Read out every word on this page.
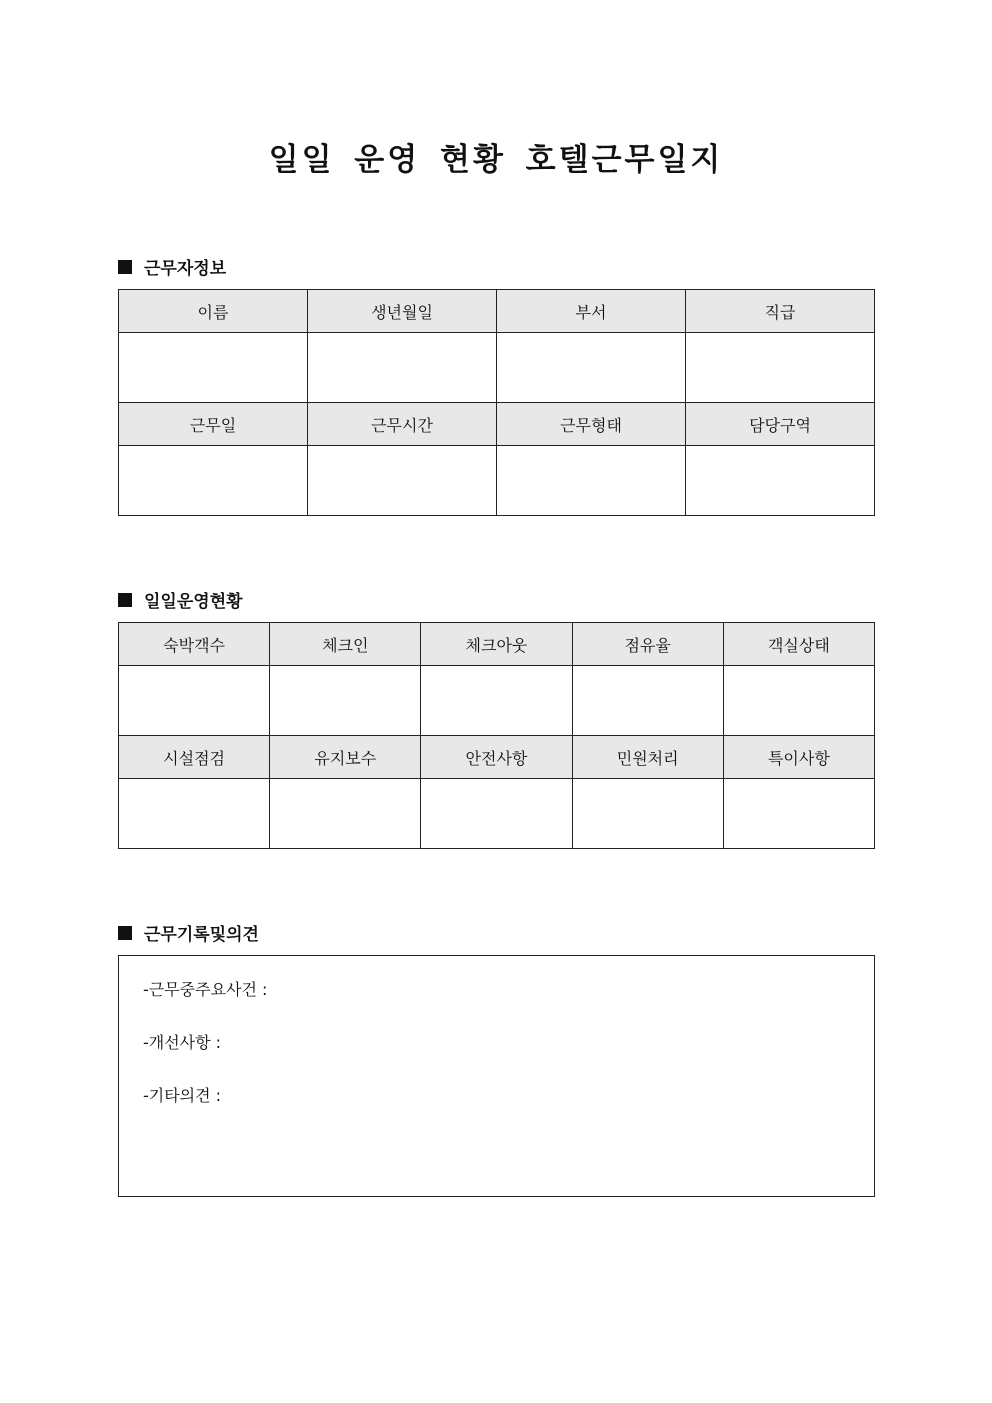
일일 운영 현황 호텔근무일지
근무자정보
이름	생년월일	부서	직급

근무일	근무시간	근무형태	담당구역

일일운영현황
숙박객수	체크인	체크아웃	점유율	객실상태

시설점검	유지보수	안전사항	민원처리	특이사항

근무기록및의견
-근무중주요사건 :
-개선사항 :
-기타의견 :
